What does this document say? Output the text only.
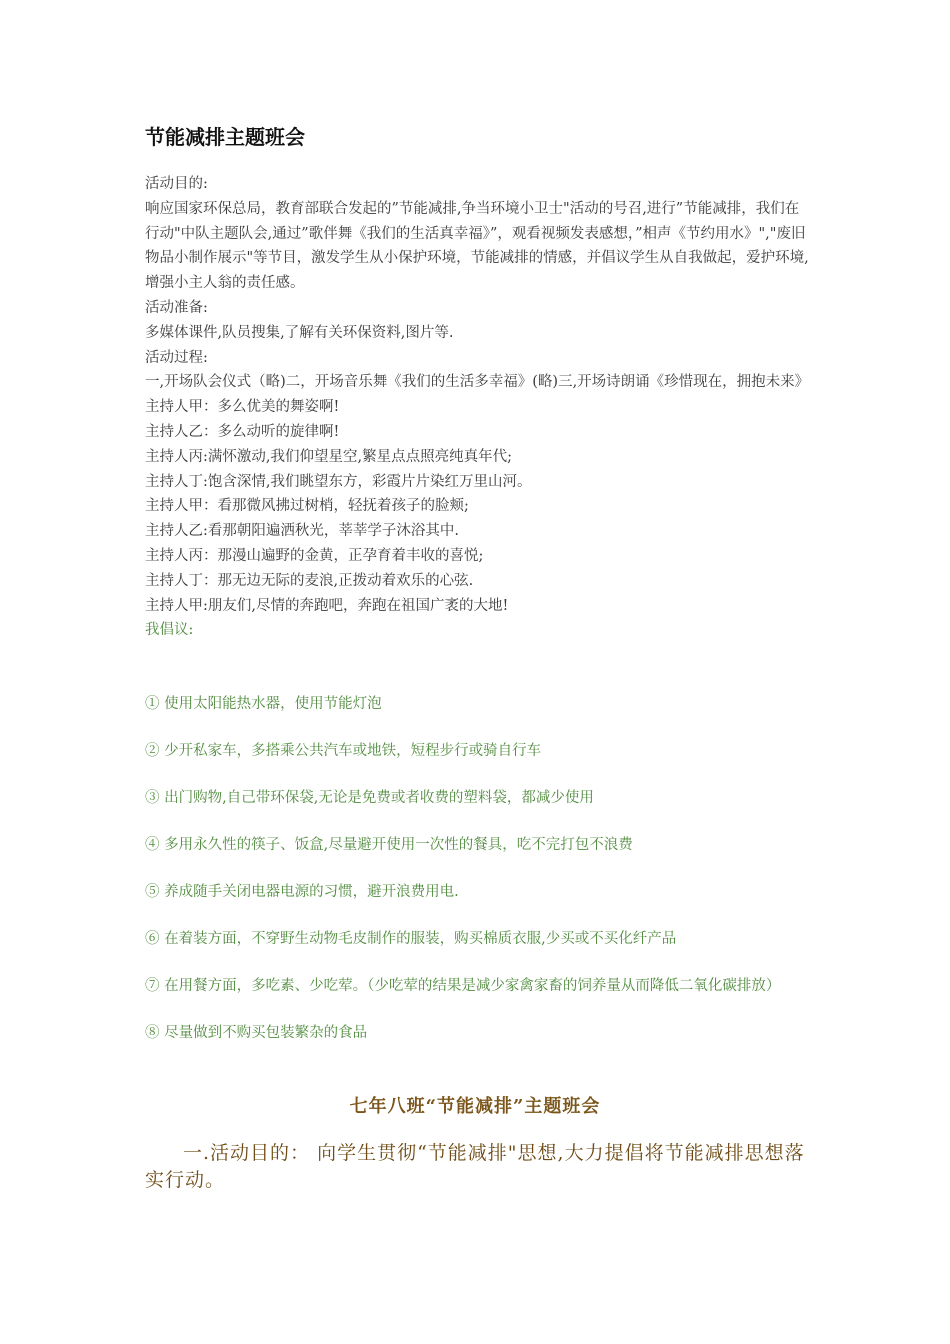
节能减排主题班会

活动目的:

响应国家环保总局，教育部联合发起的”节能减排,争当环境小卫士"活动的号召,进行”节能减排，我们在行动"中队主题队会,通过”歌伴舞《我们的生活真幸福》”，观看视频发表感想，”相声《节约用水》","废旧物品小制作展示"等节目，激发学生从小保护环境，节能减排的情感，并倡议学生从自我做起，爱护环境,增强小主人翁的责任感。

活动准备:

多媒体课件,队员搜集,了解有关环保资料,图片等.

活动过程:

一,开场队会仪式（略)二，开场音乐舞《我们的生活多幸福》(略)三,开场诗朗诵《珍惜现在，拥抱未来》

主持人甲：多么优美的舞姿啊!

主持人乙：多么动听的旋律啊!

主持人丙:满怀激动,我们仰望星空,繁星点点照亮纯真年代;

主持人丁:饱含深情,我们眺望东方，彩霞片片染红万里山河。

主持人甲：看那微风拂过树梢，轻抚着孩子的脸颊;

主持人乙:看那朝阳遍洒秋光，莘莘学子沐浴其中.

主持人丙：那漫山遍野的金黄，正孕育着丰收的喜悦;

主持人丁：那无边无际的麦浪,正拨动着欢乐的心弦.

主持人甲:朋友们,尽情的奔跑吧，奔跑在祖国广袤的大地!

我倡议:

① 使用太阳能热水器，使用节能灯泡

② 少开私家车，多搭乘公共汽车或地铁，短程步行或骑自行车

③ 出门购物,自己带环保袋,无论是免费或者收费的塑料袋，都减少使用

④ 多用永久性的筷子、饭盒,尽量避开使用一次性的餐具，吃不完打包不浪费

⑤ 养成随手关闭电器电源的习惯，避开浪费用电.

⑥ 在着装方面，不穿野生动物毛皮制作的服装，购买棉质衣服,少买或不买化纤产品

⑦ 在用餐方面，多吃素、少吃荤。（少吃荤的结果是减少家禽家畜的饲养量从而降低二氧化碳排放）

⑧ 尽量做到不购买包装繁杂的食品

七年八班“节能减排”主题班会

一.活动目的： 向学生贯彻“节能减排"思想,大力提倡将节能减排思想落实行动。
